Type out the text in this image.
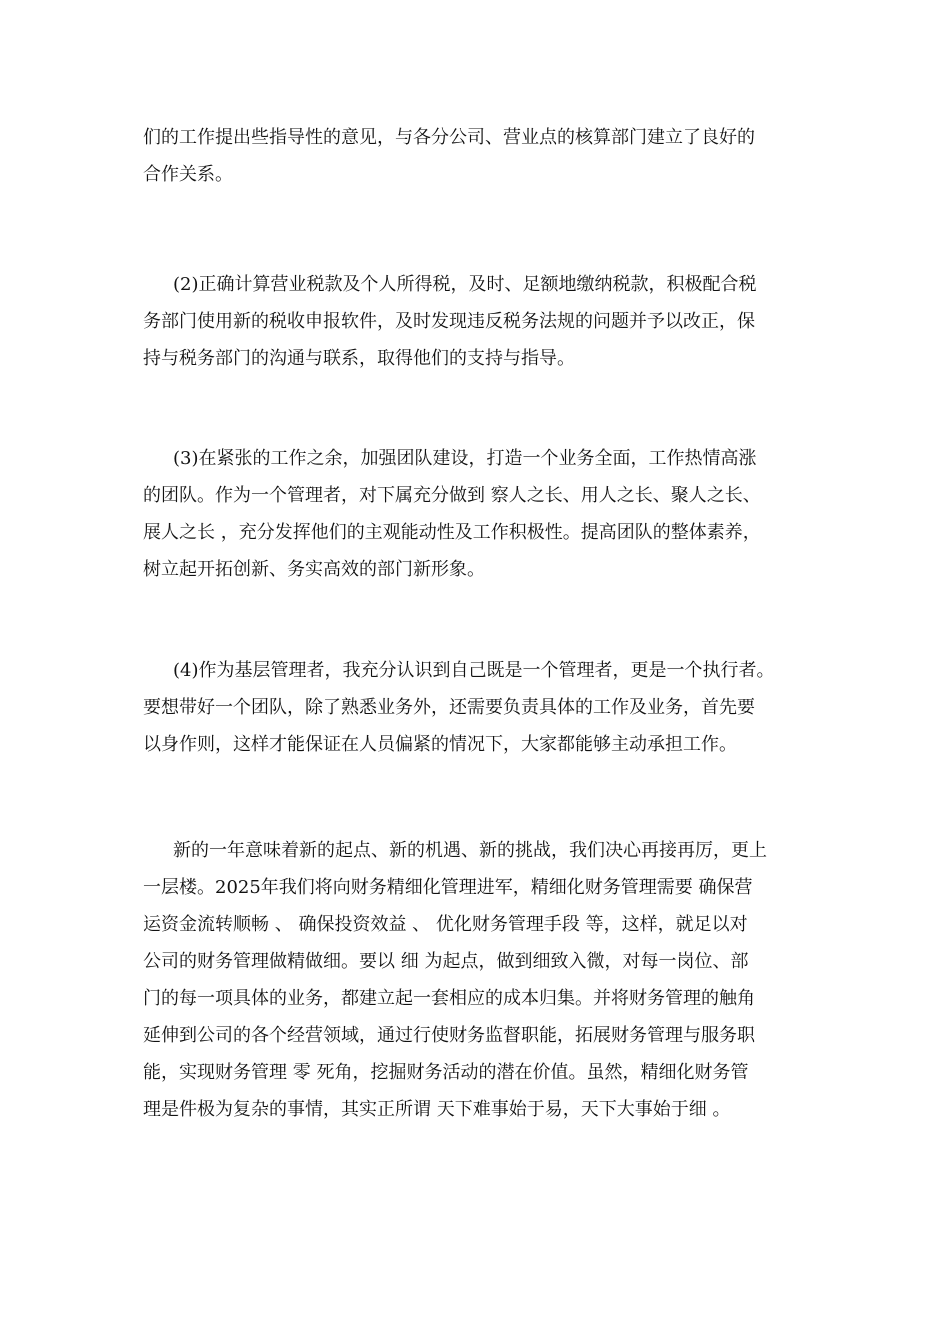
们的工作提出些指导性的意见，与各分公司、营业点的核算部门建立了良好的
合作关系。
(2)正确计算营业税款及个人所得税，及时、足额地缴纳税款，积极配合税
务部门使用新的税收申报软件，及时发现违反税务法规的问题并予以改正，保
持与税务部门的沟通与联系，取得他们的支持与指导。
(3)在紧张的工作之余，加强团队建设，打造一个业务全面，工作热情高涨
的团队。作为一个管理者，对下属充分做到 察人之长、用人之长、聚人之长、
展人之长 ，充分发挥他们的主观能动性及工作积极性。提高团队的整体素养，
树立起开拓创新、务实高效的部门新形象。
(4)作为基层管理者，我充分认识到自己既是一个管理者，更是一个执行者。
要想带好一个团队，除了熟悉业务外，还需要负责具体的工作及业务，首先要
以身作则，这样才能保证在人员偏紧的情况下，大家都能够主动承担工作。
新的一年意味着新的起点、新的机遇、新的挑战，我们决心再接再厉，更上
一层楼。2025年我们将向财务精细化管理进军，精细化财务管理需要 确保营
运资金流转顺畅 、 确保投资效益 、 优化财务管理手段 等，这样，就足以对
公司的财务管理做精做细。要以 细 为起点，做到细致入微，对每一岗位、部
门的每一项具体的业务，都建立起一套相应的成本归集。并将财务管理的触角
延伸到公司的各个经营领域，通过行使财务监督职能，拓展财务管理与服务职
能，实现财务管理 零 死角，挖掘财务活动的潜在价值。虽然，精细化财务管
理是件极为复杂的事情，其实正所谓 天下难事始于易，天下大事始于细 。
